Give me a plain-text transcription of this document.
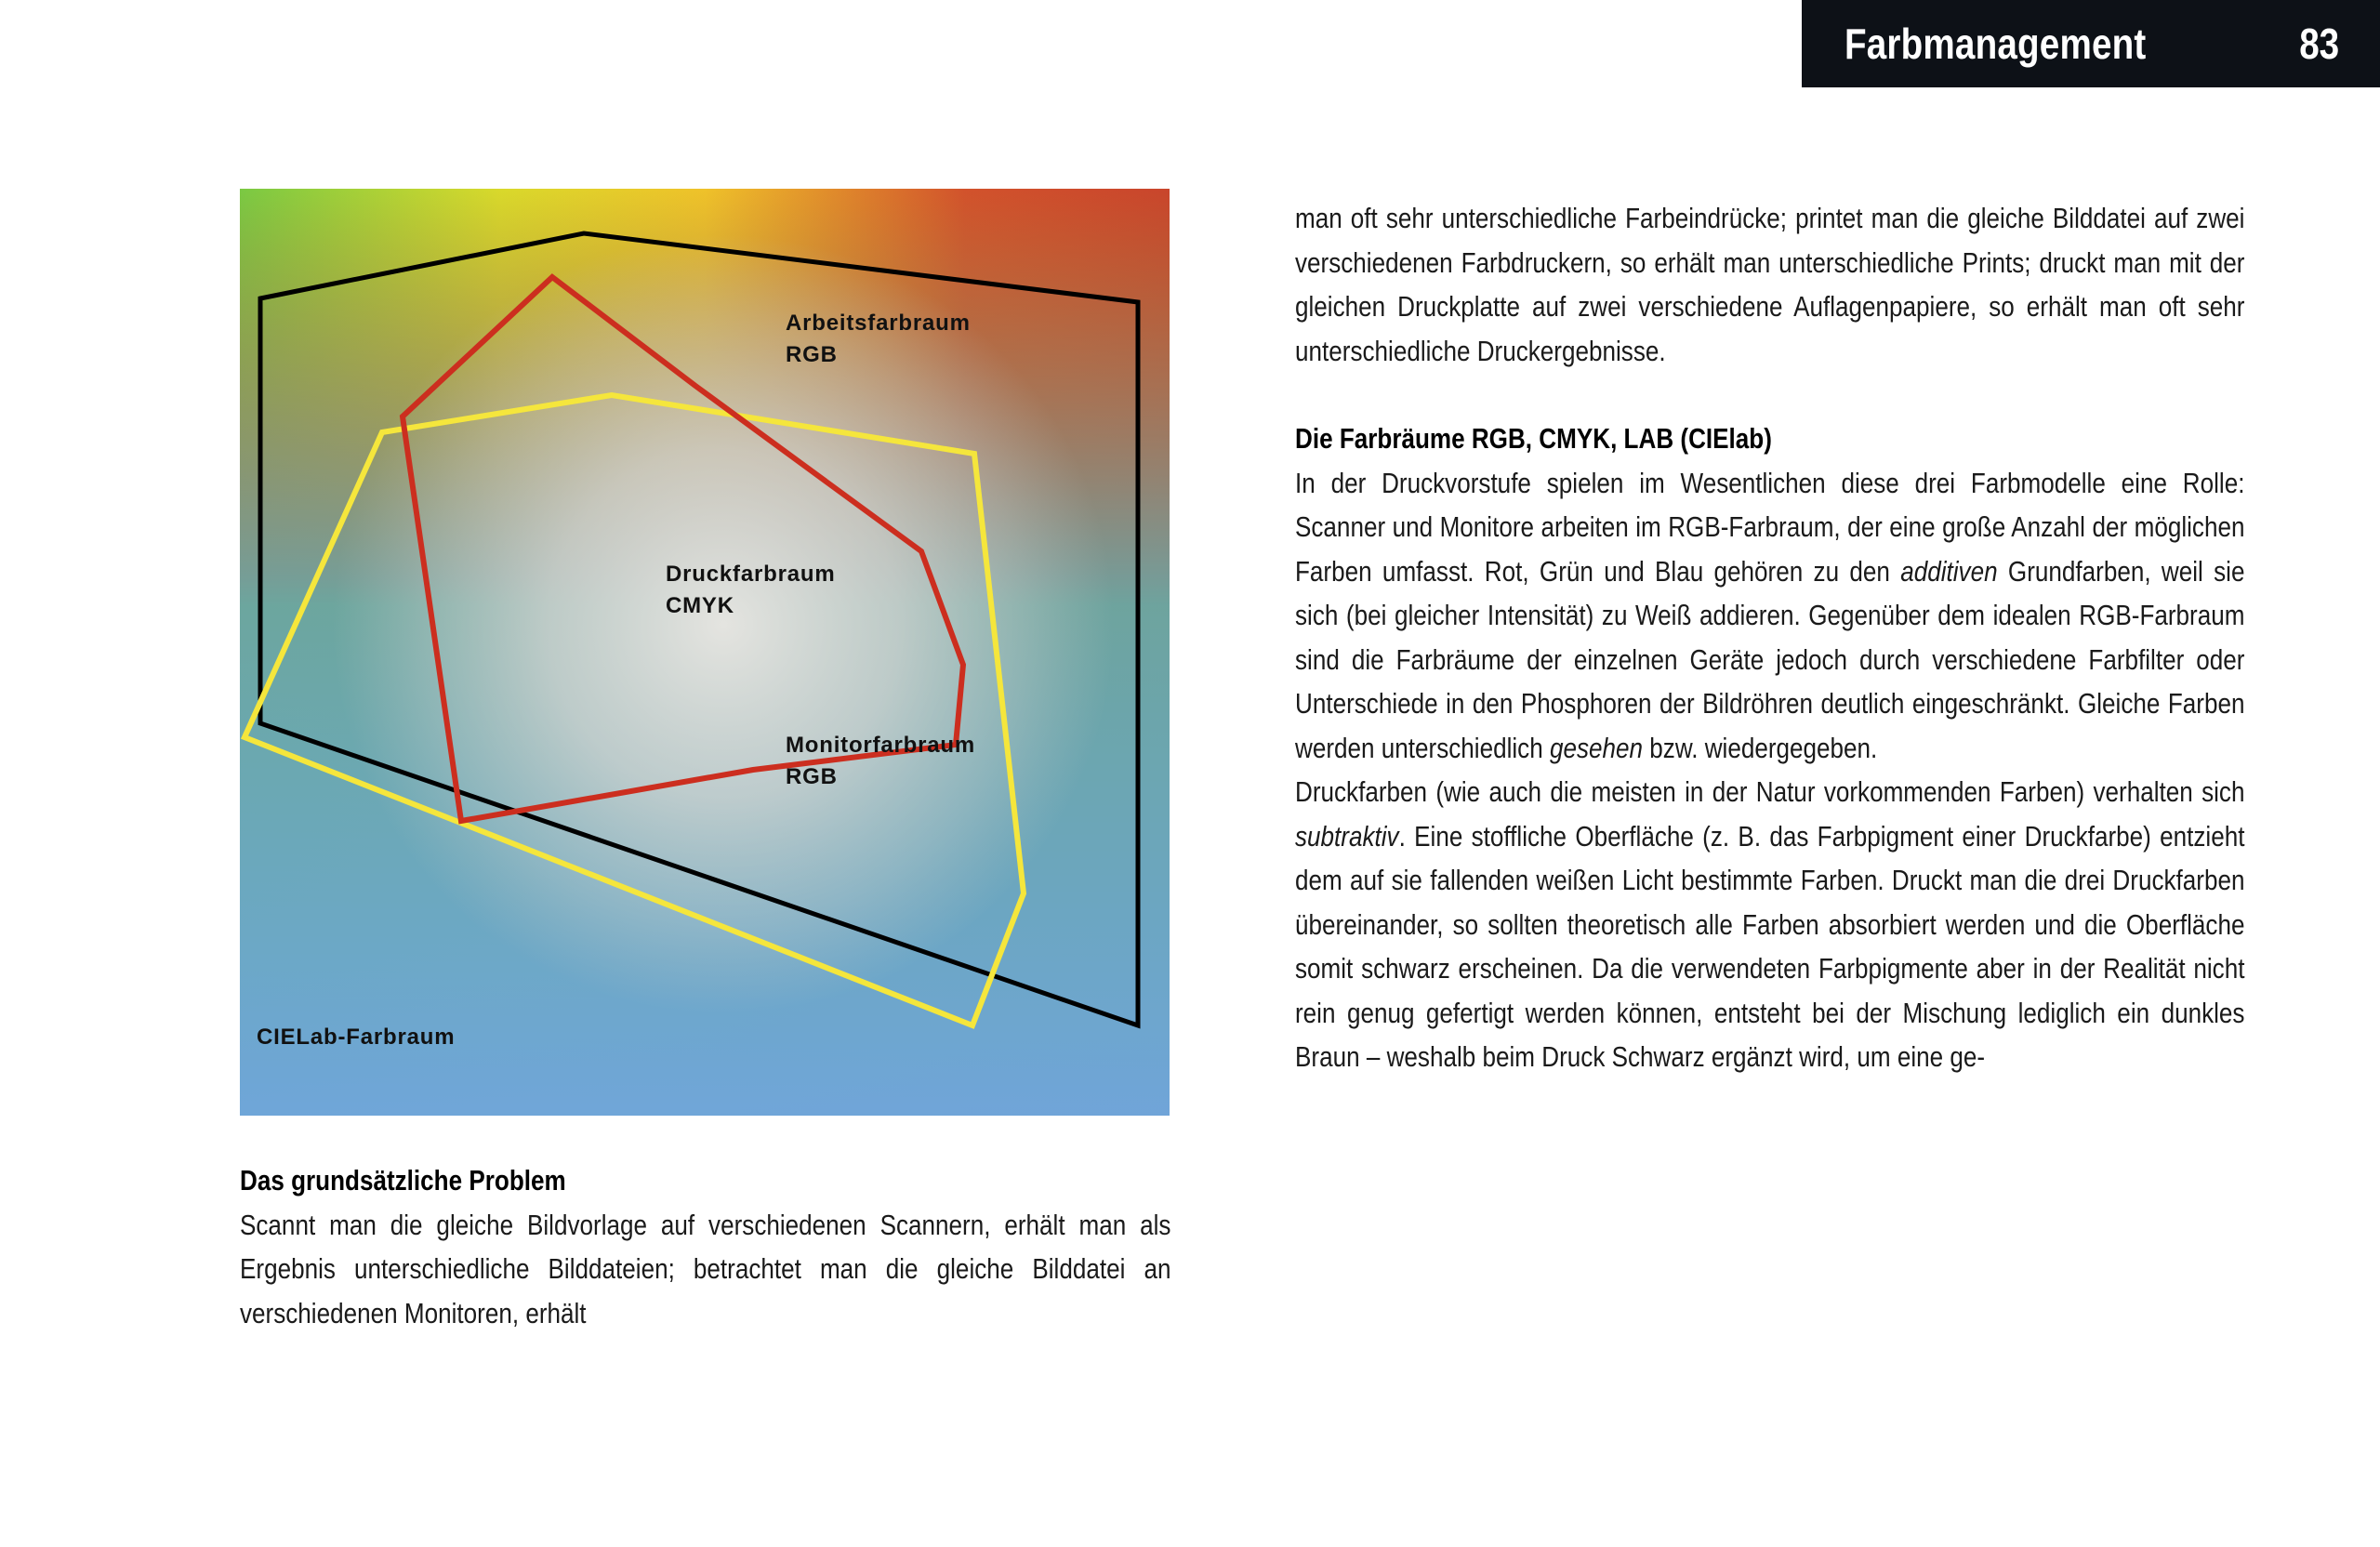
Farbmanagement	83
Arbeitsfarbraum
RGB
Druckfarbraum
CMYK
Monitorfarbraum
RGB
CIELab-Farbraum
Das grundsätzliche Problem
Scannt man die gleiche Bildvorlage auf verschiedenen Scannern, erhält man als Ergebnis unterschiedliche Bilddateien; betrachtet man die gleiche Bilddatei an verschiedenen Monitoren, erhält
man oft sehr unterschiedliche Farbeindrücke; printet man die gleiche Bilddatei auf zwei verschiedenen Farbdruckern, so erhält man unterschiedliche Prints; druckt man mit der gleichen Druckplatte auf zwei verschiedene Auflagenpapiere, so erhält man oft sehr unterschiedliche Druckergebnisse.
Die Farbräume RGB, CMYK, LAB (CIElab)
In der Druckvorstufe spielen im Wesentlichen diese drei Farbmodelle eine Rolle: Scanner und Monitore arbeiten im RGB-Farbraum, der eine große Anzahl der möglichen Farben umfasst. Rot, Grün und Blau gehören zu den additiven Grundfarben, weil sie sich (bei gleicher Intensität) zu Weiß addieren. Gegenüber dem idealen RGB-Farbraum sind die Farbräume der einzelnen Geräte jedoch durch verschiedene Farbfilter oder Unterschiede in den Phosphoren der Bildröhren deutlich eingeschränkt. Gleiche Farben werden unterschiedlich gesehen bzw. wiedergegeben.
Druckfarben (wie auch die meisten in der Natur vorkommenden Farben) verhalten sich subtraktiv. Eine stoffliche Oberfläche (z. B. das Farbpigment einer Druckfarbe) entzieht dem auf sie fallenden weißen Licht bestimmte Farben. Druckt man die drei Druckfarben übereinander, so sollten theoretisch alle Farben absorbiert werden und die Oberfläche somit schwarz erscheinen. Da die verwendeten Farbpigmente aber in der Realität nicht rein genug gefertigt werden können, entsteht bei der Mischung lediglich ein dunkles Braun – weshalb beim Druck Schwarz ergänzt wird, um eine ge-
